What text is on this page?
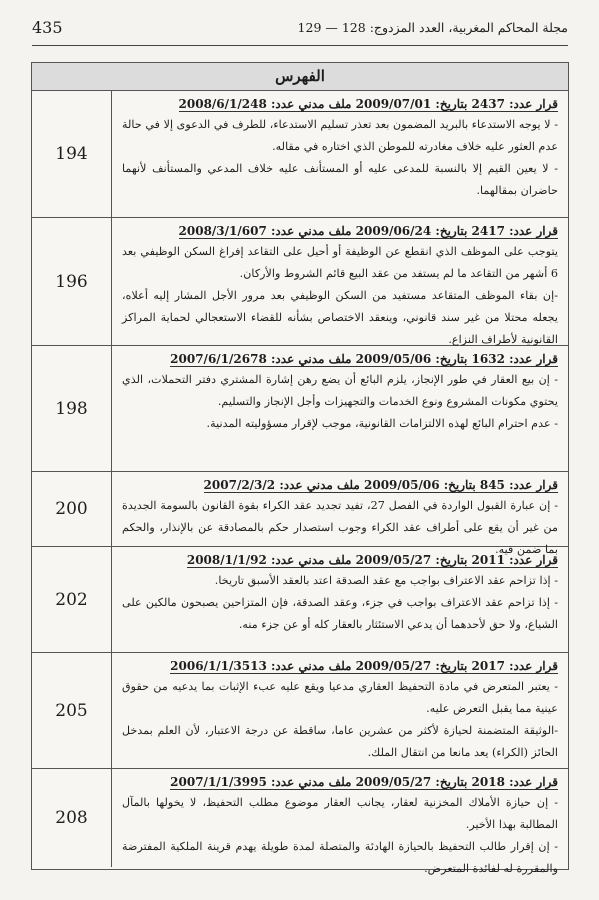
435	مجلة المحاكم المغربية، العدد المزدوج: 128 — 129
الفهرس
194
قرار عدد: 2437 بتاريخ: 2009/07/01 ملف مدني عدد: 2008/6/1/248

- لا يوجه الاستدعاء بالبريد المضمون بعد تعذر تسليم الاستدعاء، للطرف في الدعوى إلا في حالة عدم العثور عليه خلاف مغادرته للموطن الذي اختاره في مقاله.

- لا يعين القيم إلا بالنسبة للمدعى عليه أو المستأنف عليه خلاف المدعي والمستأنف لأنهما حاضران بمقالهما.

196
قرار عدد: 2417 بتاريخ: 2009/06/24 ملف مدني عدد: 2008/3/1/607

يتوجب على الموظف الذي انقطع عن الوظيفة أو أحيل على التقاعد إفراغ السكن الوظيفي بعد 6 أشهر من التقاعد ما لم يستفد من عقد البيع قائم الشروط والأركان.

-إن بقاء الموظف المتقاعد مستفيد من السكن الوظيفي بعد مرور الأجل المشار إليه أعلاه، يجعله محتلا من غير سند قانوني، وينعقد الاختصاص بشأنه للقضاء الاستعجالي لحماية المراكز القانونية لأطراف النزاع.

198
قرار عدد: 1632 بتاريخ: 2009/05/06 ملف مدني عدد: 2007/6/1/2678

- إن بيع العقار في طور الإنجاز، يلزم البائع أن يضع رهن إشارة المشتري دفتر التحملات، الذي يحتوي مكونات المشروع ونوع الخدمات والتجهيزات وأجل الإنجاز والتسليم.

- عدم احترام البائع لهذه الالتزامات القانونية، موجب لإقرار مسؤوليته المدنية.

200
قرار عدد: 845 بتاريخ: 2009/05/06 ملف مدني عدد: 2007/2/3/2

- إن عبارة القبول الواردة في الفصل 27، تفيد تجديد عقد الكراء بقوة القانون بالسومة الجديدة من غير أن يقع على أطراف عقد الكراء وجوب استصدار حكم بالمصادقة عن بالإنذار، والحكم بما ضمن فيه.

202
قرار عدد: 2011 بتاريخ: 2009/05/27 ملف مدني عدد: 2008/1/1/92

- إذا تزاحم عقد الاعتراف بواجب مع عقد الصدقة اعتد بالعقد الأسبق تاريخا.

- إذا تزاحم عقد الاعتراف بواجب في جزء، وعقد الصدقة، فإن المتزاحين يصبحون مالكين على الشياع، ولا حق لأحدهما أن يدعي الاستئثار بالعقار كله أو عن جزء منه.

205
قرار عدد: 2017 بتاريخ: 2009/05/27 ملف مدني عدد: 2006/1/1/3513

- يعتبر المتعرض في مادة التحفيظ العقاري مدعيا ويقع عليه عبء الإثبات بما يدعيه من حقوق عينية مما يقبل التعرض عليه.

-الوثيقة المتضمنة لحيازة لأكثر من عشرين عاما، ساقطة عن درجة الاعتبار، لأن العلم بمدخل الحائز (الكراء) يعد مانعا من انتقال الملك.

208
قرار عدد: 2018 بتاريخ: 2009/05/27 ملف مدني عدد: 2007/1/1/3995

- إن حيازة الأملاك المخزنية لعقار، يجانب العقار موضوع مطلب التحفيظ، لا يخولها بالمآل المطالبة بهذا الأخير.

- إن إقرار طالب التحفيظ بالحيازة الهادئة والمتصلة لمدة طويلة يهدم قرينة الملكية المفترضة والمقررة له لفائدة المتعرض.
